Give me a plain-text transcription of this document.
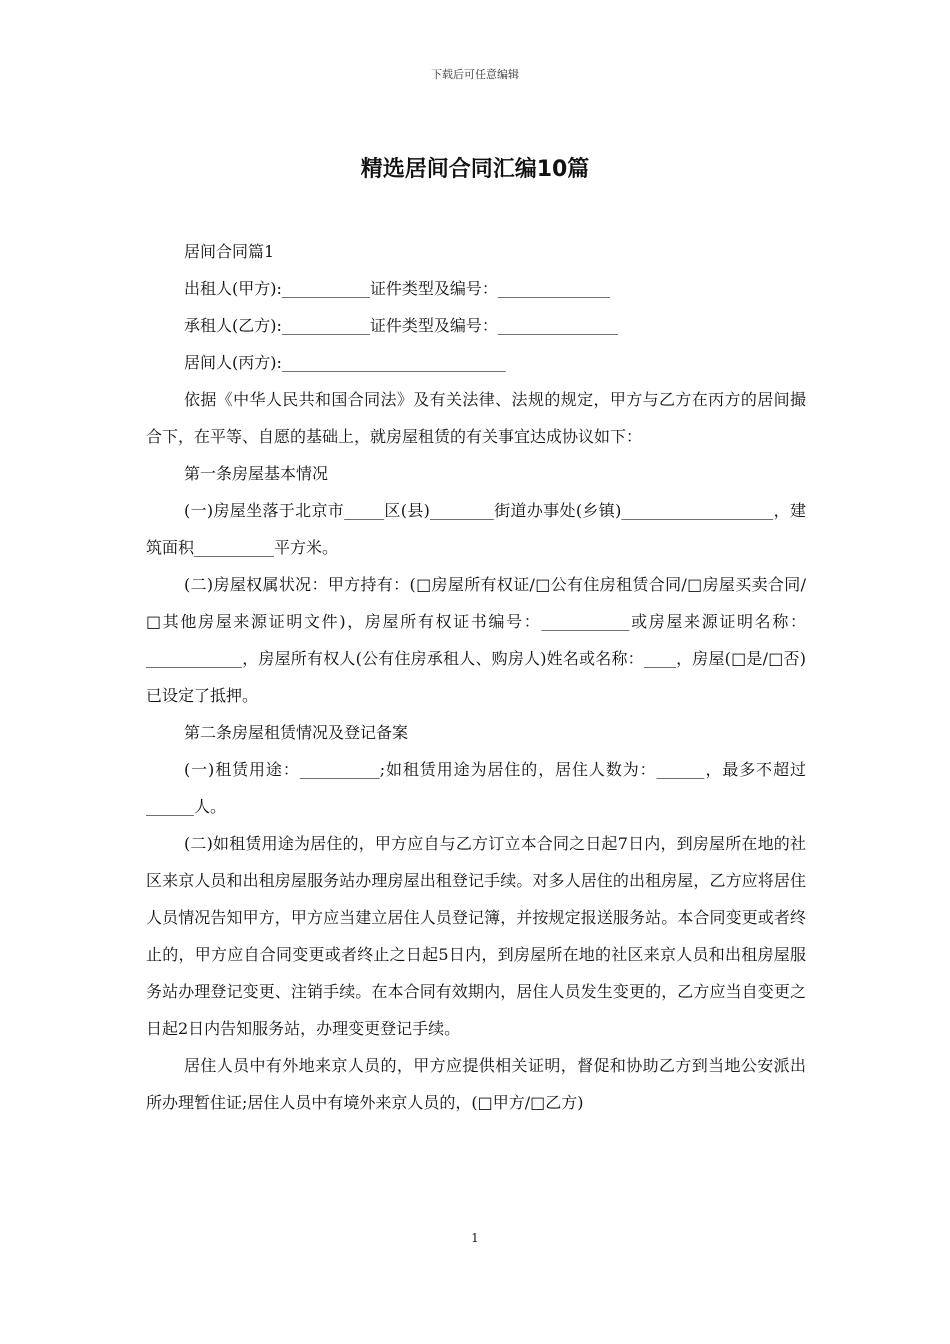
下载后可任意编辑
精选居间合同汇编10篇

居间合同篇1

出租人(甲方):___________证件类型及编号：______________

承租人(乙方):___________证件类型及编号：_______________

居间人(丙方):____________________________

依据《中华人民共和国合同法》及有关法律、法规的规定，甲方与乙方在丙方的居间撮合下，在平等、自愿的基础上，就房屋租赁的有关事宜达成协议如下：

第一条房屋基本情况

(一)房屋坐落于北京市_____区(县)________街道办事处(乡镇)___________________，建筑面积__________平方米。

(二)房屋权属状况：甲方持有：(□房屋所有权证/□公有住房租赁合同/□房屋买卖合同/□其他房屋来源证明文件)，房屋所有权证书编号：___________或房屋来源证明名称：____________，房屋所有权人(公有住房承租人、购房人)姓名或名称：____，房屋(□是/□否)已设定了抵押。

第二条房屋租赁情况及登记备案

(一)租赁用途：__________;如租赁用途为居住的，居住人数为：______，最多不超过______人。

(二)如租赁用途为居住的，甲方应自与乙方订立本合同之日起7日内，到房屋所在地的社区来京人员和出租房屋服务站办理房屋出租登记手续。对多人居住的出租房屋，乙方应将居住人员情况告知甲方，甲方应当建立居住人员登记簿，并按规定报送服务站。本合同变更或者终止的，甲方应自合同变更或者终止之日起5日内，到房屋所在地的社区来京人员和出租房屋服务站办理登记变更、注销手续。在本合同有效期内，居住人员发生变更的，乙方应当自变更之日起2日内告知服务站，办理变更登记手续。

居住人员中有外地来京人员的，甲方应提供相关证明，督促和协助乙方到当地公安派出所办理暂住证;居住人员中有境外来京人员的，(□甲方/□乙方)

1
